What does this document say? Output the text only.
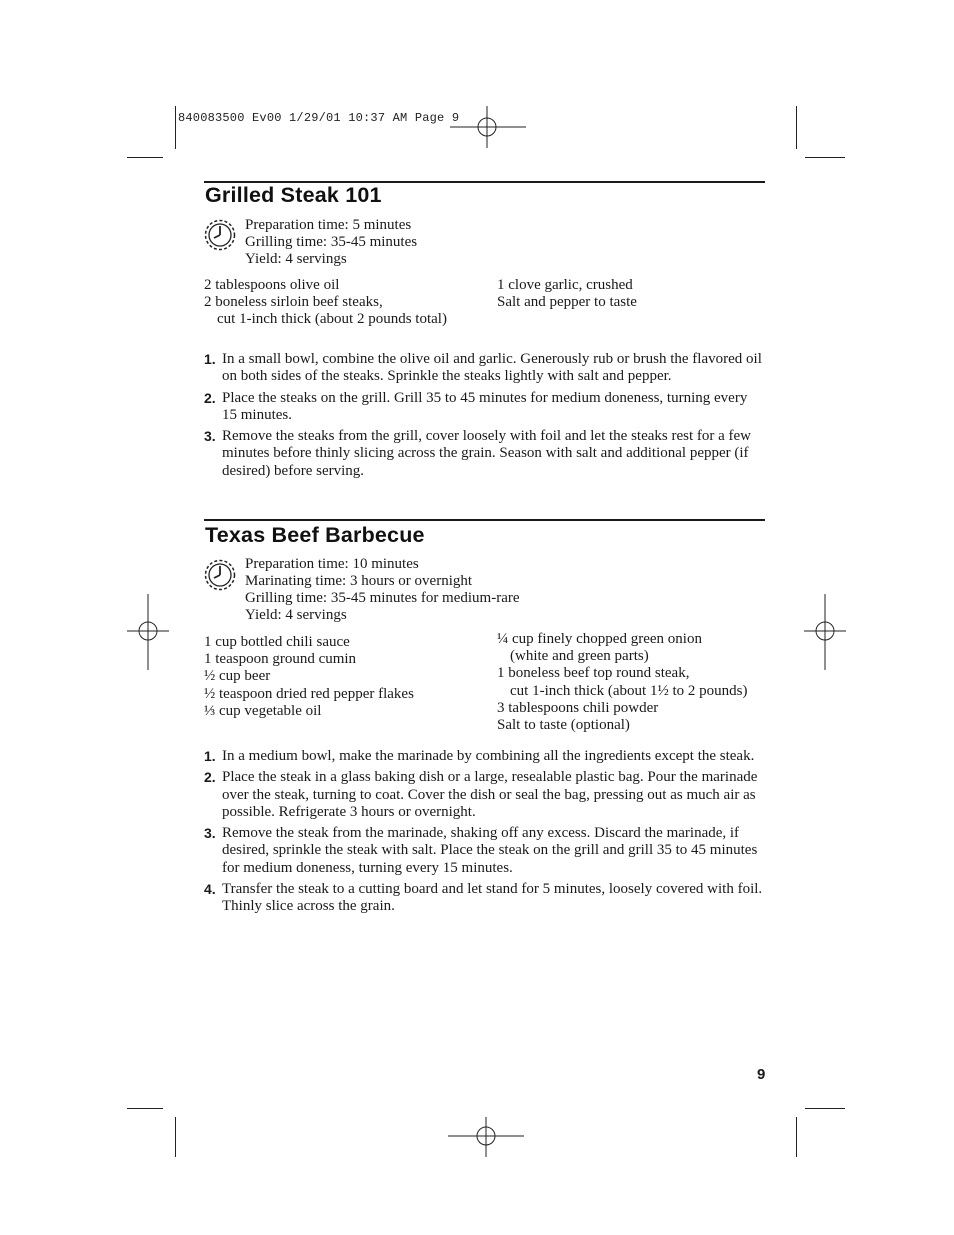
840083500 Ev00 1/29/01 10:37 AM Page 9
Grilled Steak 101
Preparation time: 5 minutes
Grilling time: 35-45 minutes
Yield: 4 servings
2 tablespoons olive oil
2 boneless sirloin beef steaks,
cut 1-inch thick (about 2 pounds total)
1 clove garlic, crushed
Salt and pepper to taste
1. In a small bowl, combine the olive oil and garlic. Generously rub or brush the flavored oil on both sides of the steaks. Sprinkle the steaks lightly with salt and pepper.
2. Place the steaks on the grill. Grill 35 to 45 minutes for medium doneness, turning every 15 minutes.
3. Remove the steaks from the grill, cover loosely with foil and let the steaks rest for a few minutes before thinly slicing across the grain. Season with salt and additional pepper (if desired) before serving.
Texas Beef Barbecue
Preparation time: 10 minutes
Marinating time: 3 hours or overnight
Grilling time: 35-45 minutes for medium-rare
Yield: 4 servings
1 cup bottled chili sauce
1 teaspoon ground cumin
½ cup beer
½ teaspoon dried red pepper flakes
⅓ cup vegetable oil
¼ cup finely chopped green onion
(white and green parts)
1 boneless beef top round steak,
cut 1-inch thick (about 1½ to 2 pounds)
3 tablespoons chili powder
Salt to taste (optional)
1. In a medium bowl, make the marinade by combining all the ingredients except the steak.
2. Place the steak in a glass baking dish or a large, resealable plastic bag. Pour the marinade over the steak, turning to coat. Cover the dish or seal the bag, pressing out as much air as possible. Refrigerate 3 hours or overnight.
3. Remove the steak from the marinade, shaking off any excess. Discard the marinade, if desired, sprinkle the steak with salt. Place the steak on the grill and grill 35 to 45 minutes for medium doneness, turning every 15 minutes.
4. Transfer the steak to a cutting board and let stand for 5 minutes, loosely covered with foil. Thinly slice across the grain.
9
